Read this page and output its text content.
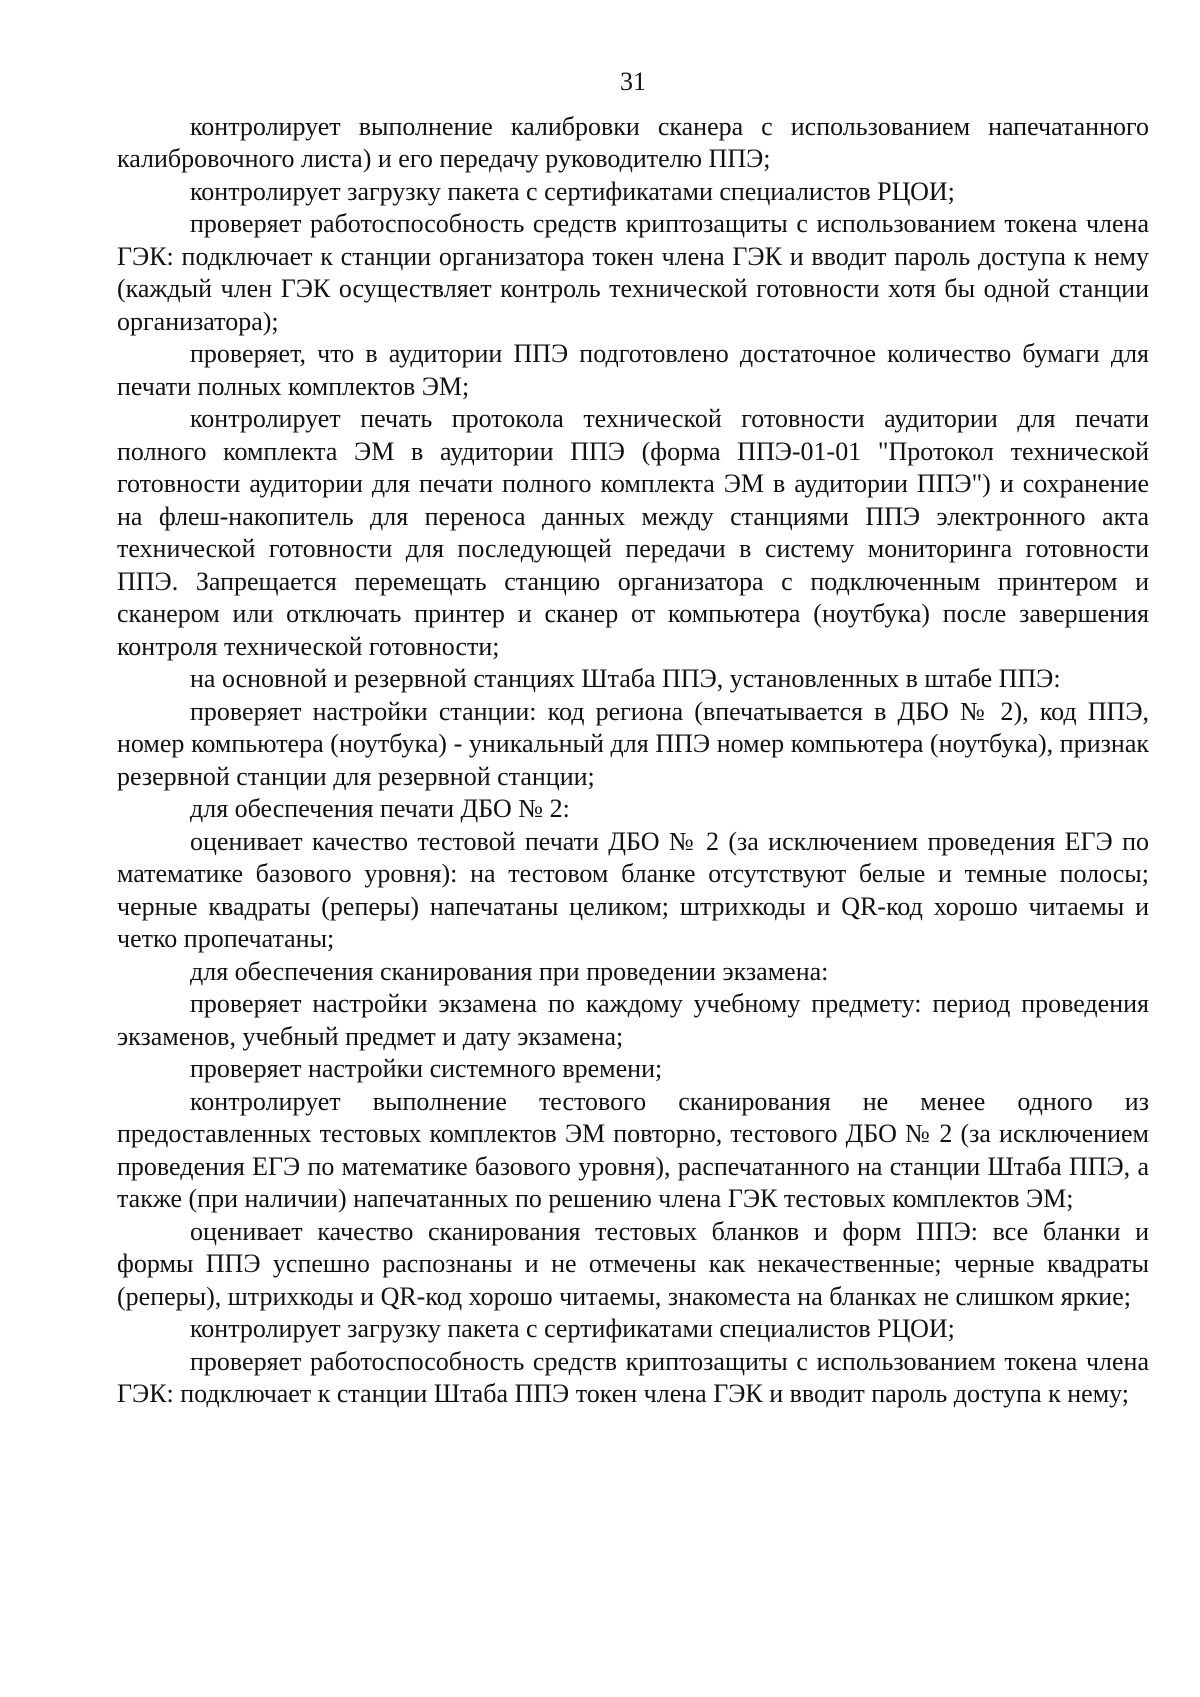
31

контролирует выполнение калибровки сканера с использованием напечатанного калибровочного листа) и его передачу руководителю ППЭ;

контролирует загрузку пакета с сертификатами специалистов РЦОИ;

проверяет работоспособность средств криптозащиты с использованием токена члена ГЭК: подключает к станции организатора токен члена ГЭК и вводит пароль доступа к нему (каждый член ГЭК осуществляет контроль технической готовности хотя бы одной станции организатора);

проверяет, что в аудитории ППЭ подготовлено достаточное количество бумаги для печати полных комплектов ЭМ;

контролирует печать протокола технической готовности аудитории для печати полного комплекта ЭМ в аудитории ППЭ (форма ППЭ-01-01 "Протокол технической готовности аудитории для печати полного комплекта ЭМ в аудитории ППЭ") и сохранение на флеш-накопитель для переноса данных между станциями ППЭ электронного акта технической готовности для последующей передачи в систему мониторинга готовности ППЭ. Запрещается перемещать станцию организатора с подключенным принтером и сканером или отключать принтер и сканер от компьютера (ноутбука) после завершения контроля технической готовности;

на основной и резервной станциях Штаба ППЭ, установленных в штабе ППЭ:

проверяет настройки станции: код региона (впечатывается в ДБО № 2), код ППЭ, номер компьютера (ноутбука) - уникальный для ППЭ номер компьютера (ноутбука), признак резервной станции для резервной станции;

для обеспечения печати ДБО № 2:

оценивает качество тестовой печати ДБО № 2 (за исключением проведения ЕГЭ по математике базового уровня): на тестовом бланке отсутствуют белые и темные полосы; черные квадраты (реперы) напечатаны целиком; штрихкоды и QR-код хорошо читаемы и четко пропечатаны;

для обеспечения сканирования при проведении экзамена:

проверяет настройки экзамена по каждому учебному предмету: период проведения экзаменов, учебный предмет и дату экзамена;

проверяет настройки системного времени;

контролирует выполнение тестового сканирования не менее одного из предоставленных тестовых комплектов ЭМ повторно, тестового ДБО № 2 (за исключением проведения ЕГЭ по математике базового уровня), распечатанного на станции Штаба ППЭ, а также (при наличии) напечатанных по решению члена ГЭК тестовых комплектов ЭМ;

оценивает качество сканирования тестовых бланков и форм ППЭ: все бланки и формы ППЭ успешно распознаны и не отмечены как некачественные; черные квадраты (реперы), штрихкоды и QR-код хорошо читаемы, знакоместа на бланках не слишком яркие;

контролирует загрузку пакета с сертификатами специалистов РЦОИ;

проверяет работоспособность средств криптозащиты с использованием токена члена ГЭК: подключает к станции Штаба ППЭ токен члена ГЭК и вводит пароль доступа к нему;
